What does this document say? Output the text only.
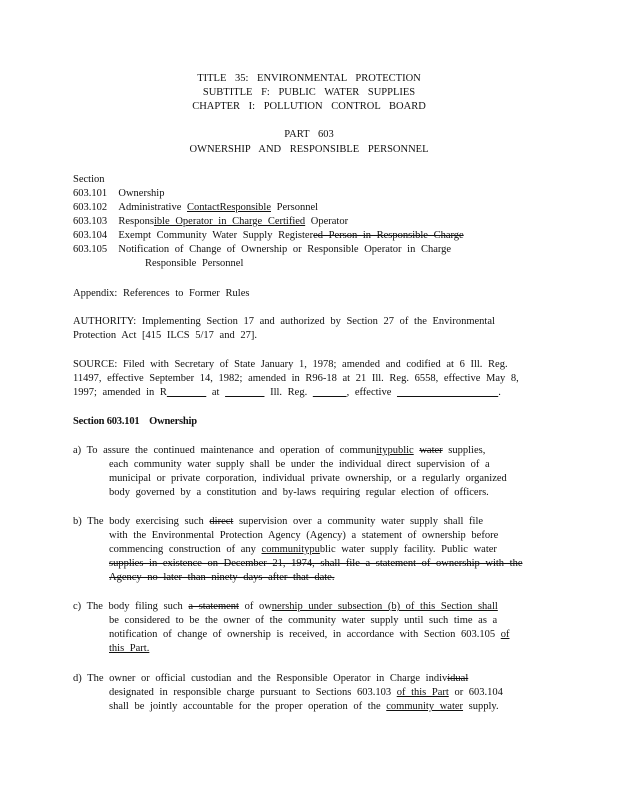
TITLE 35: ENVIRONMENTAL PROTECTION
SUBTITLE F: PUBLIC WATER SUPPLIES
CHAPTER I: POLLUTION CONTROL BOARD
PART 603
OWNERSHIP AND RESPONSIBLE PERSONNEL
Section
603.101 Ownership
603.102 Administrative ContactResponsible Personnel
603.103 Responsible Operator in Charge Certified Operator
603.104 Exempt Community Water Supply Registered Person in Responsible Charge
603.105 Notification of Change of Ownership or Responsible Operator in Charge
Responsible Personnel
Appendix: References to Former Rules
AUTHORITY: Implementing Section 17 and authorized by Section 27 of the Environmental
Protection Act [415 ILCS 5/17 and 27].
SOURCE: Filed with Secretary of State January 1, 1978; amended and codified at 6 Ill. Reg.
11497, effective September 14, 1982; amended in R96-18 at 21 Ill. Reg. 6558, effective May 8,
1997; amended in R	at	Ill. Reg.	, effective	.
Section 603.101 Ownership
a) To assure the continued maintenance and operation of communitypublic water supplies,
each community water supply shall be under the individual direct supervision of a
municipal or private corporation, individual private ownership, or a regularly organized
body governed by a constitution and by-laws requiring regular election of officers.
b) The body exercising such direct supervision over a community water supply shall file
with the Environmental Protection Agency (Agency) a statement of ownership before
commencing construction of any communitypublic water supply facility. Public water
supplies in existence on December 21, 1974, shall file a statement of ownership with the
Agency no later than ninety days after that date.
c) The body filing such a statement of ownership under subsection (b) of this Section shall
be considered to be the owner of the community water supply until such time as a
notification of change of ownership is received, in accordance with Section 603.105 of
this Part.
d) The owner or official custodian and the Responsible Operator in Charge individual
designated in responsible charge pursuant to Sections 603.103 of this Part or 603.104
shall be jointly accountable for the proper operation of the community water supply.
